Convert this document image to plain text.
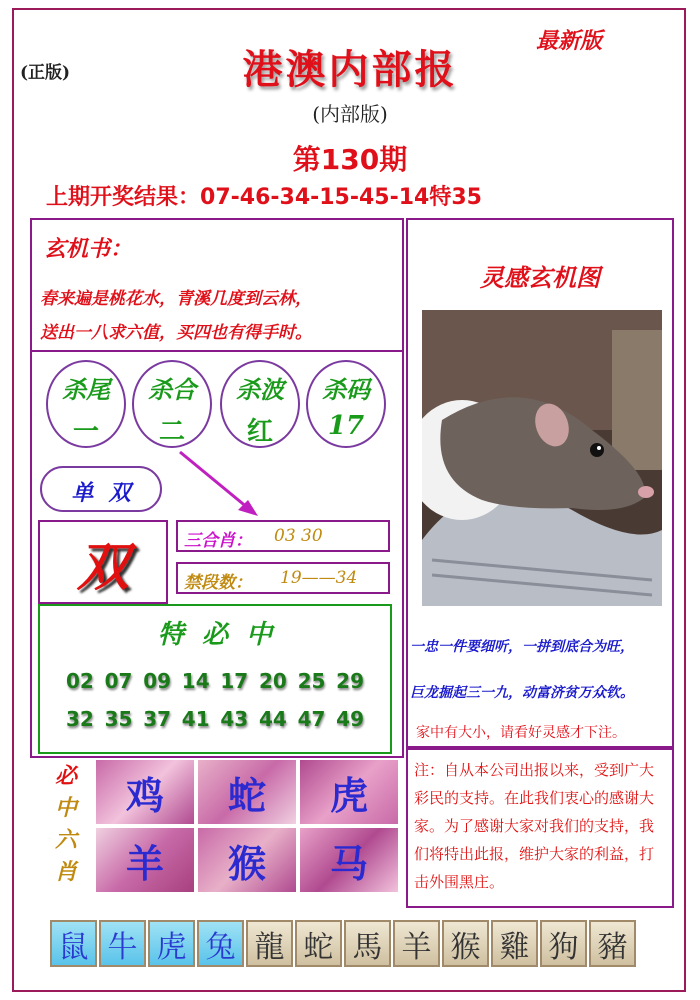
(正版)
最新版
港澳内部报
(内部版)
第130期
上期开奖结果：07-46-34-15-45-14特35
玄机书：
春来遍是桃花水，青溪几度到云林，
送出一八求六值，买四也有得手时。
杀尾
一
杀合
二
杀波
红
杀码
17
单  双
双	三合肖： 03 30
禁段数： 19——34
特  必  中
02 07 09 14 17 20 25 29
32 35 37 41 43 44 47 49
必
中
六
肖
鸡	蛇	虎
羊	猴	马
灵感玄机图
一忠一件要细听，一拼到底合为旺，
巨龙掘起三一九，动富济贫万众钦。
家中有大小，请看好灵感才下注。
注：自从本公司出报以来，受到广大彩民的支持。在此我们衷心的感谢大家。为了感谢大家对我们的支持，我们将特出此报，维护大家的利益，打击外围黑庄。
鼠 牛 虎 兔 龍 蛇 馬 羊 猴 雞 狗 豬
